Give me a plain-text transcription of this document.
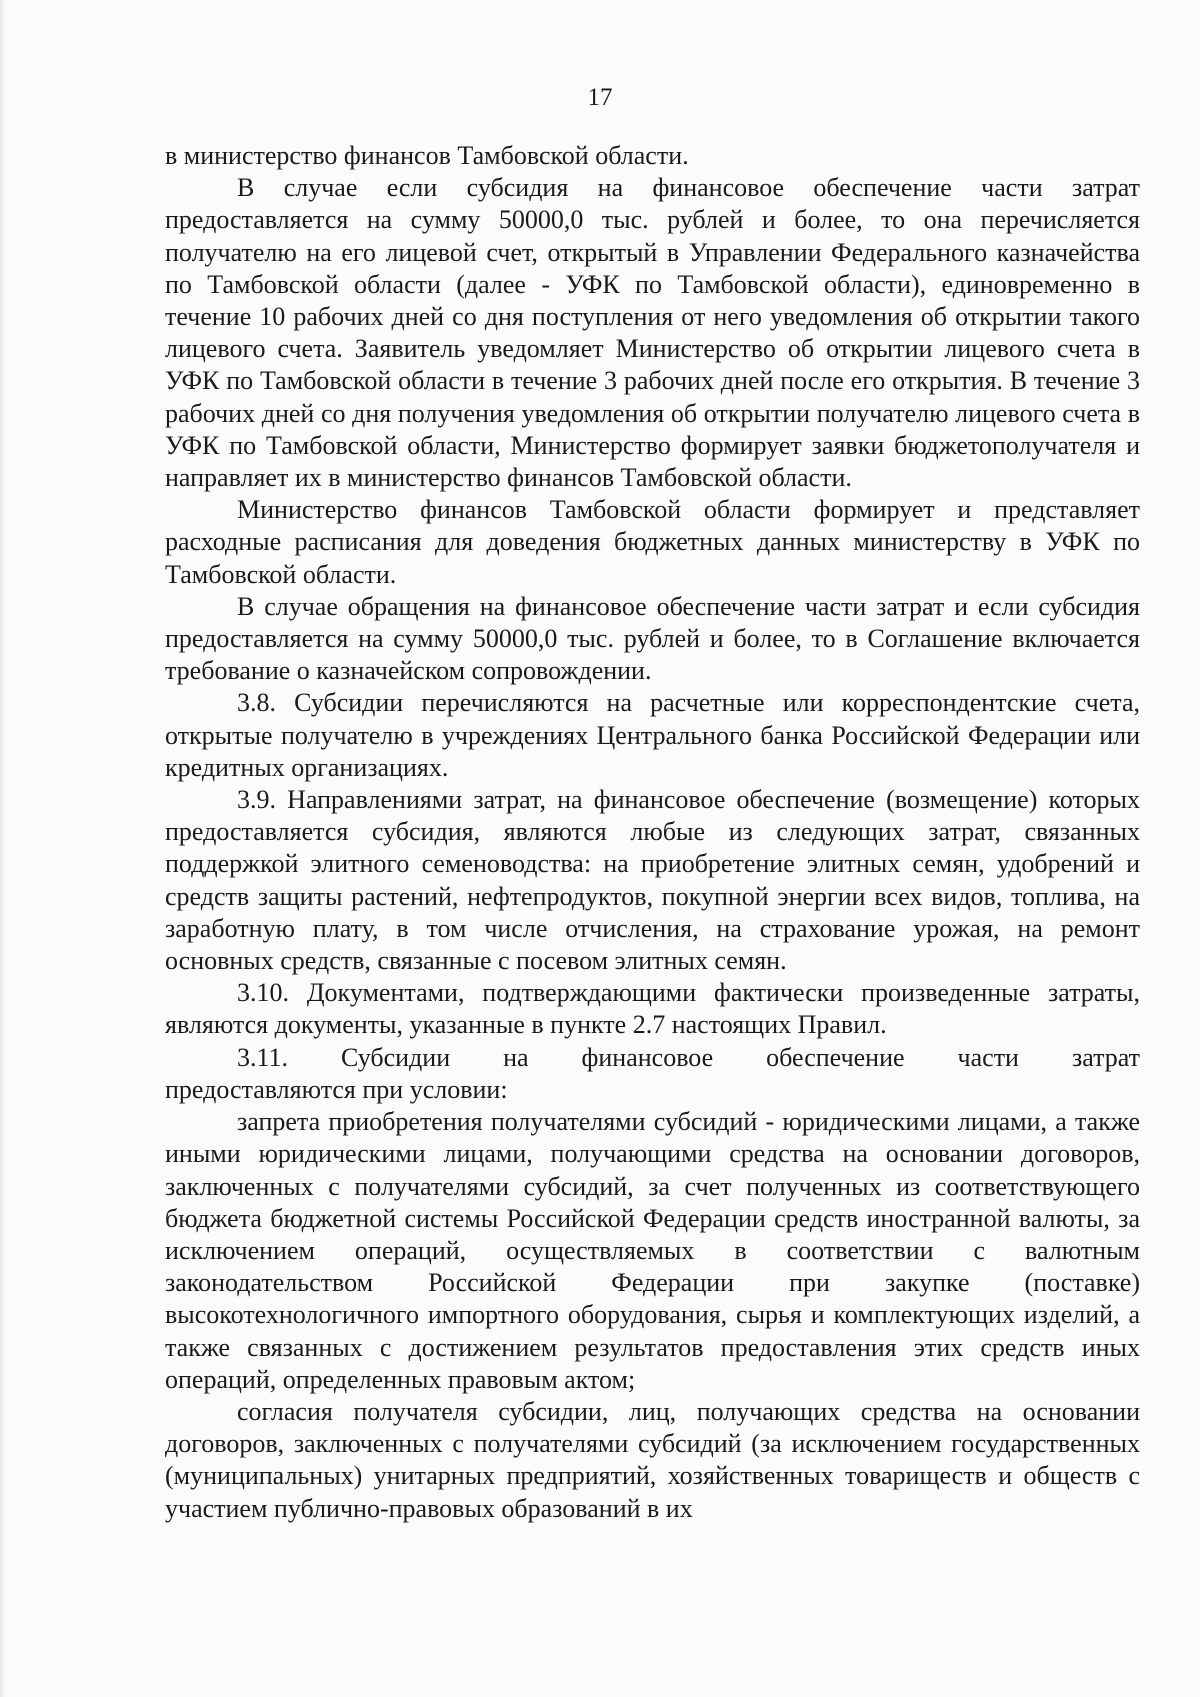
17

в министерство финансов Тамбовской области.

В случае если субсидия на финансовое обеспечение части затрат предоставляется на сумму 50000,0 тыс. рублей и более, то она перечисляется получателю на его лицевой счет, открытый в Управлении Федерального казначейства по Тамбовской области (далее - УФК по Тамбовской области), единовременно в течение 10 рабочих дней со дня поступления от него уведомления об открытии такого лицевого счета. Заявитель уведомляет Министерство об открытии лицевого счета в УФК по Тамбовской области в течение 3 рабочих дней после его открытия. В течение 3 рабочих дней со дня получения уведомления об открытии получателю лицевого счета в УФК по Тамбовской области, Министерство формирует заявки бюджетополучателя и направляет их в министерство финансов Тамбовской области.

Министерство финансов Тамбовской области формирует и представляет расходные расписания для доведения бюджетных данных министерству в УФК по Тамбовской области.

В случае обращения на финансовое обеспечение части затрат и если субсидия предоставляется на сумму 50000,0 тыс. рублей и более, то в Соглашение включается требование о казначейском сопровождении.

3.8. Субсидии перечисляются на расчетные или корреспондентские счета, открытые получателю в учреждениях Центрального банка Российской Федерации или кредитных организациях.

3.9. Направлениями затрат, на финансовое обеспечение (возмещение) которых предоставляется субсидия, являются любые из следующих затрат, связанных поддержкой элитного семеноводства: на приобретение элитных семян, удобрений и средств защиты растений, нефтепродуктов, покупной энергии всех видов, топлива, на заработную плату, в том числе отчисления, на страхование урожая, на ремонт основных средств, связанные с посевом элитных семян.

3.10. Документами, подтверждающими фактически произведенные затраты, являются документы, указанные в пункте 2.7 настоящих Правил.

3.11. Субсидии на финансовое обеспечение части затрат

предоставляются при условии:

запрета приобретения получателями субсидий - юридическими лицами, а также иными юридическими лицами, получающими средства на основании договоров, заключенных с получателями субсидий, за счет полученных из соответствующего бюджета бюджетной системы Российской Федерации средств иностранной валюты, за исключением операций, осуществляемых в соответствии с валютным законодательством Российской Федерации при закупке (поставке) высокотехнологичного импортного оборудования, сырья и комплектующих изделий, а также связанных с достижением результатов предоставления этих средств иных операций, определенных правовым актом;

согласия получателя субсидии, лиц, получающих средства на основании договоров, заключенных с получателями субсидий (за исключением государственных (муниципальных) унитарных предприятий, хозяйственных товариществ и обществ с участием публично-правовых образований в их
